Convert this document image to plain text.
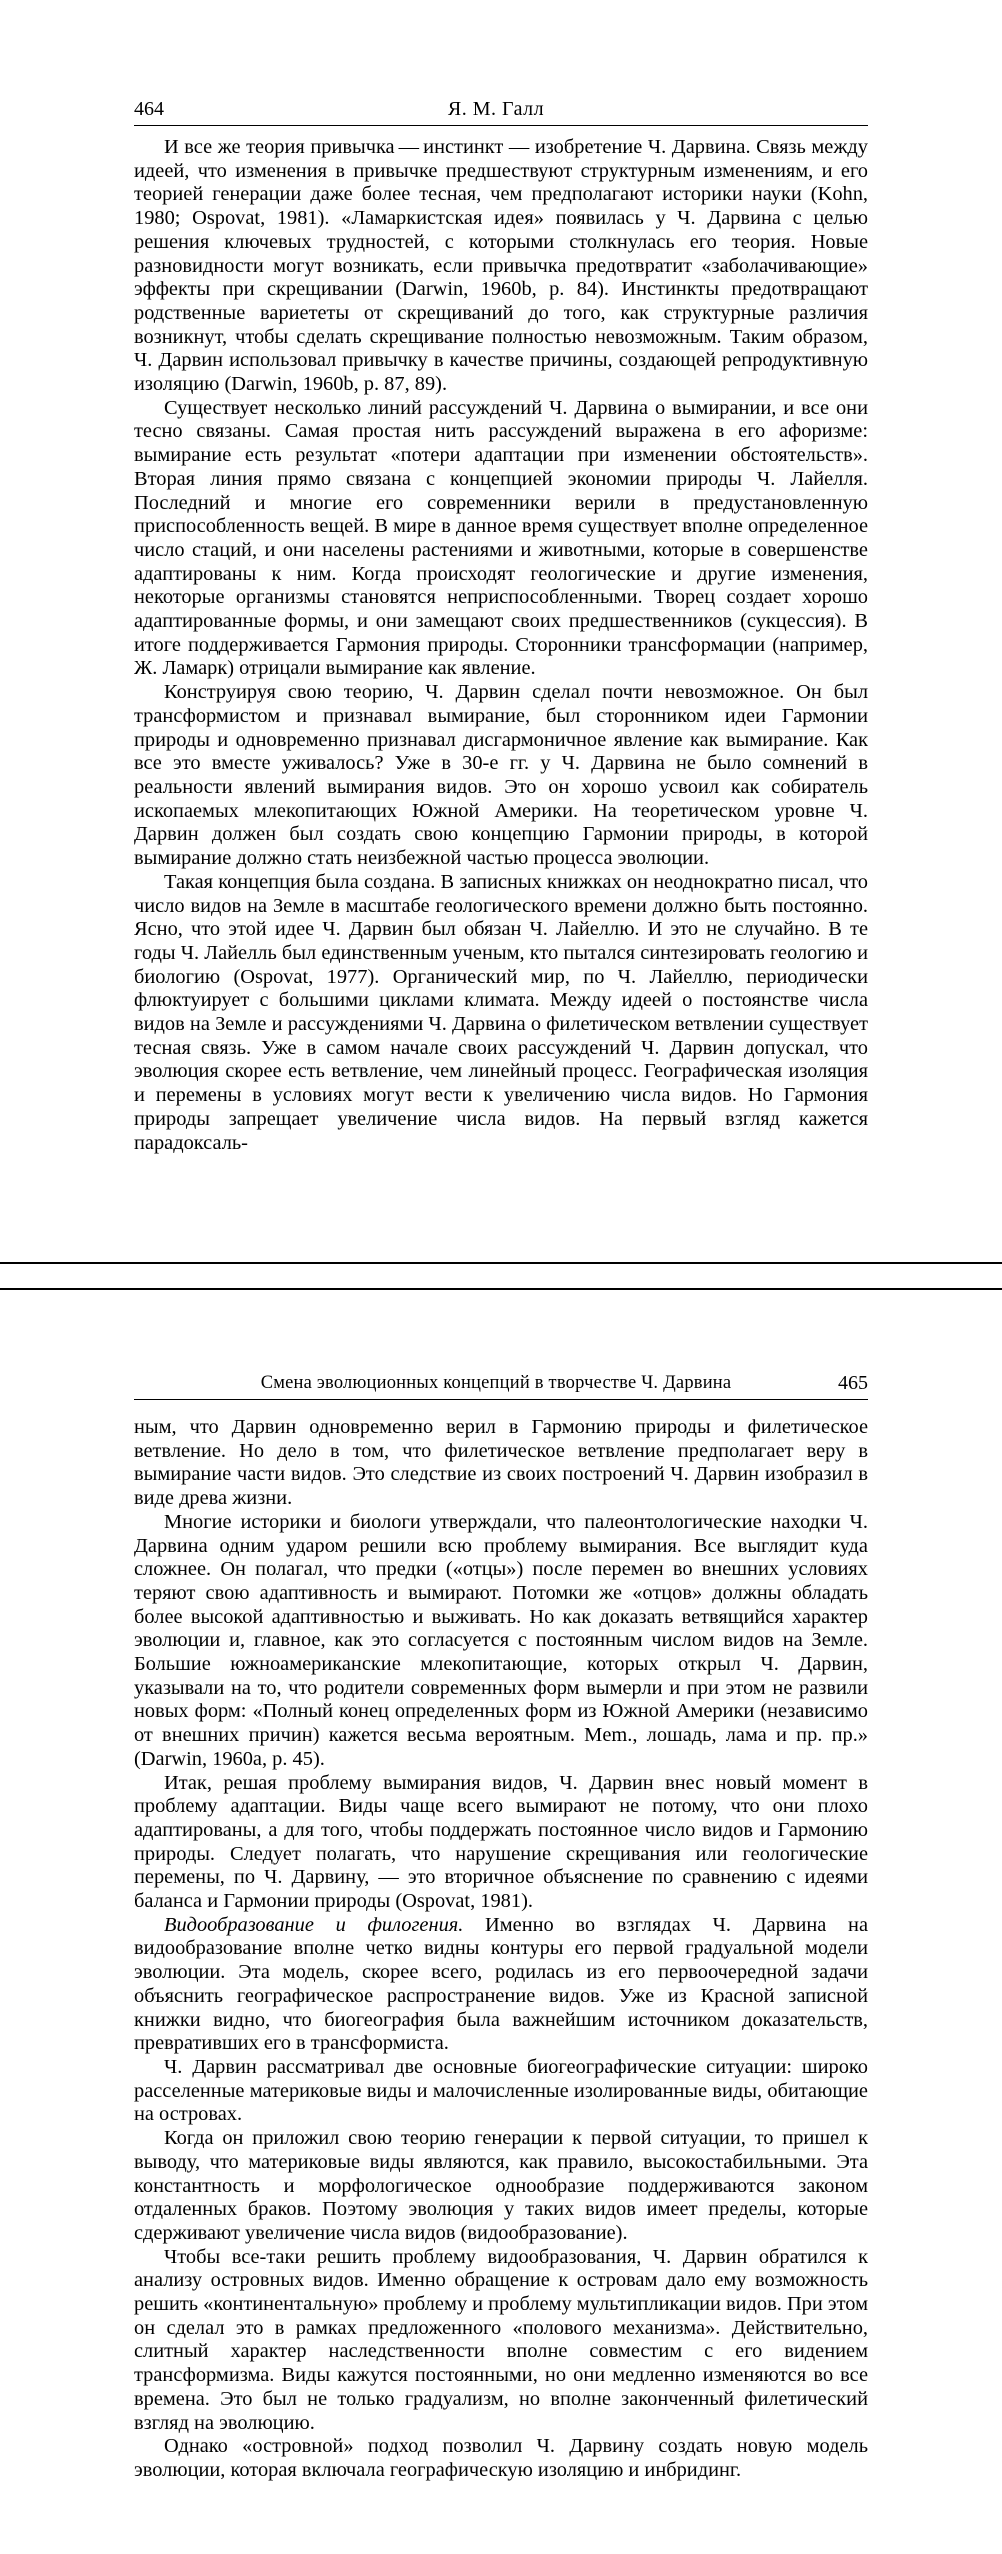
464	Я. М. Галл

И все же теория привычка — инстинкт — изобретение Ч. Дарвина. Связь между идеей, что изменения в привычке предшествуют структурным изменениям, и его теорией генерации даже более тесная, чем предполагают историки науки (Kohn, 1980; Ospovat, 1981). «Ламаркистская идея» появилась у Ч. Дарвина с целью решения ключевых трудностей, с которыми столкнулась его теория. Новые разновидности могут возникать, если привычка предотвратит «заболачивающие» эффекты при скрещивании (Darwin, 1960b, p. 84). Инстинкты предотвращают родственные вариететы от скрещиваний до того, как структурные различия возникнут, чтобы сделать скрещивание полностью невозможным. Таким образом, Ч. Дарвин использовал привычку в качестве причины, создающей репродуктивную изоляцию (Darwin, 1960b, p. 87, 89).

Существует несколько линий рассуждений Ч. Дарвина о вымирании, и все они тесно связаны. Самая простая нить рассуждений выражена в его афоризме: вымирание есть результат «потери адаптации при изменении обстоятельств». Вторая линия прямо связана с концепцией экономии природы Ч. Лайелля. Последний и многие его современники верили в предустановленную приспособленность вещей. В мире в данное время существует вполне определенное число стаций, и они населены растениями и животными, которые в совершенстве адаптированы к ним. Когда происходят геологические и другие изменения, некоторые организмы становятся неприспособленными. Творец создает хорошо адаптированные формы, и они замещают своих предшественников (сукцессия). В итоге поддерживается Гармония природы. Сторонники трансформации (например, Ж. Ламарк) отрицали вымирание как явление.

Конструируя свою теорию, Ч. Дарвин сделал почти невозможное. Он был трансформистом и признавал вымирание, был сторонником идеи Гармонии природы и одновременно признавал дисгармоничное явление как вымирание. Как все это вместе уживалось? Уже в 30-е гг. у Ч. Дарвина не было сомнений в реальности явлений вымирания видов. Это он хорошо усвоил как собиратель ископаемых млекопитающих Южной Америки. На теоретическом уровне Ч. Дарвин должен был создать свою концепцию Гармонии природы, в которой вымирание должно стать неизбежной частью процесса эволюции.

Такая концепция была создана. В записных книжках он неоднократно писал, что число видов на Земле в масштабе геологического времени должно быть постоянно. Ясно, что этой идее Ч. Дарвин был обязан Ч. Лайеллю. И это не случайно. В те годы Ч. Лайелль был единственным ученым, кто пытался синтезировать геологию и биологию (Ospovat, 1977). Органический мир, по Ч. Лайеллю, периодически флюктуирует с большими циклами климата. Между идеей о постоянстве числа видов на Земле и рассуждениями Ч. Дарвина о филетическом ветвлении существует тесная связь. Уже в самом начале своих рассуждений Ч. Дарвин допускал, что эволюция скорее есть ветвление, чем линейный процесс. Географическая изоляция и перемены в условиях могут вести к увеличению числа видов. Но Гармония природы запрещает увеличение числа видов. На первый взгляд кажется парадоксаль-

Смена эволюционных концепций в творчестве Ч. Дарвина	465

ным, что Дарвин одновременно верил в Гармонию природы и филетическое ветвление. Но дело в том, что филетическое ветвление предполагает веру в вымирание части видов. Это следствие из своих построений Ч. Дарвин изобразил в виде древа жизни.

Многие историки и биологи утверждали, что палеонтологические находки Ч. Дарвина одним ударом решили всю проблему вымирания. Все выглядит куда сложнее. Он полагал, что предки («отцы») после перемен во внешних условиях теряют свою адаптивность и вымирают. Потомки же «отцов» должны обладать более высокой адаптивностью и выживать. Но как доказать ветвящийся характер эволюции и, главное, как это согласуется с постоянным числом видов на Земле. Большие южноамериканские млекопитающие, которых открыл Ч. Дарвин, указывали на то, что родители современных форм вымерли и при этом не развили новых форм: «Полный конец определенных форм из Южной Америки (независимо от внешних причин) кажется весьма вероятным. Mem., лошадь, лама и пр. пр.» (Darwin, 1960a, p. 45).

Итак, решая проблему вымирания видов, Ч. Дарвин внес новый момент в проблему адаптации. Виды чаще всего вымирают не потому, что они плохо адаптированы, а для того, чтобы поддержать постоянное число видов и Гармонию природы. Следует полагать, что нарушение скрещивания или геологические перемены, по Ч. Дарвину, — это вторичное объяснение по сравнению с идеями баланса и Гармонии природы (Ospovat, 1981).

Видообразование и филогения. Именно во взглядах Ч. Дарвина на видообразование вполне четко видны контуры его первой градуальной модели эволюции. Эта модель, скорее всего, родилась из его первоочередной задачи объяснить географическое распространение видов. Уже из Красной записной книжки видно, что биогеография была важнейшим источником доказательств, превративших его в трансформиста.

Ч. Дарвин рассматривал две основные биогеографические ситуации: широко расселенные материковые виды и малочисленные изолированные виды, обитающие на островах.

Когда он приложил свою теорию генерации к первой ситуации, то пришел к выводу, что материковые виды являются, как правило, высокостабильными. Эта константность и морфологическое однообразие поддерживаются законом отдаленных браков. Поэтому эволюция у таких видов имеет пределы, которые сдерживают увеличение числа видов (видообразование).

Чтобы все-таки решить проблему видообразования, Ч. Дарвин обратился к анализу островных видов. Именно обращение к островам дало ему возможность решить «континентальную» проблему и проблему мультипликации видов. При этом он сделал это в рамках предложенного «полового механизма». Действительно, слитный характер наследственности вполне совместим с его видением трансформизма. Виды кажутся постоянными, но они медленно изменяются во все времена. Это был не только градуализм, но вполне законченный филетический взгляд на эволюцию.

Однако «островной» подход позволил Ч. Дарвину создать новую модель эволюции, которая включала географическую изоляцию и инбридинг.
